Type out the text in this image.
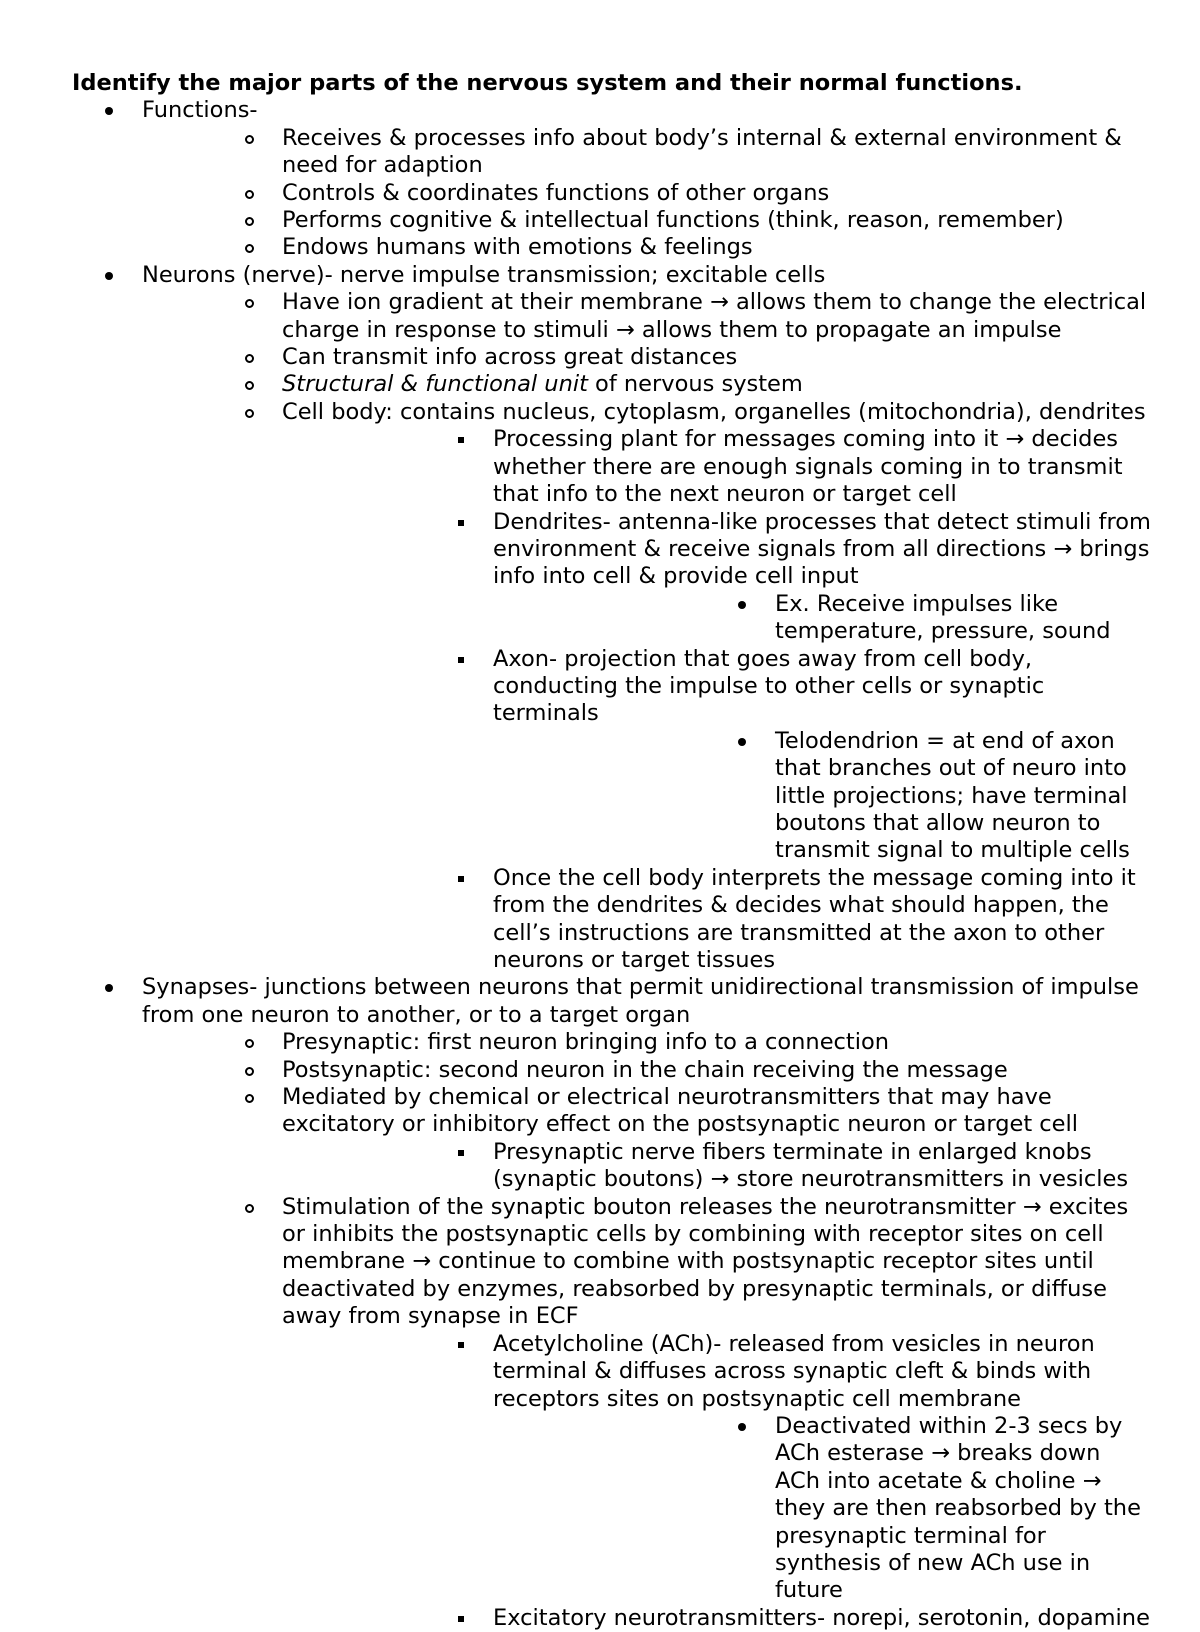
Identify the major parts of the nervous system and their normal functions.

Functions-
Receives & processes info about body’s internal & external environment & need for adaption
Controls & coordinates functions of other organs
Performs cognitive & intellectual functions (think, reason, remember)
Endows humans with emotions & feelings
Neurons (nerve)- nerve impulse transmission; excitable cells
Have ion gradient at their membrane → allows them to change the electrical charge in response to stimuli → allows them to propagate an impulse
Can transmit info across great distances
Structural & functional unit of nervous system
Cell body: contains nucleus, cytoplasm, organelles (mitochondria), dendrites
Processing plant for messages coming into it → decides whether there are enough signals coming in to transmit that info to the next neuron or target cell
Dendrites- antenna-like processes that detect stimuli from environment & receive signals from all directions → brings info into cell & provide cell input
Ex. Receive impulses like temperature, pressure, sound
Axon- projection that goes away from cell body, conducting the impulse to other cells or synaptic terminals
Telodendrion = at end of axon that branches out of neuro into little projections; have terminal boutons that allow neuron to transmit signal to multiple cells
Once the cell body interprets the message coming into it from the dendrites & decides what should happen, the cell’s instructions are transmitted at the axon to other neurons or target tissues
Synapses- junctions between neurons that permit unidirectional transmission of impulse from one neuron to another, or to a target organ
Presynaptic: first neuron bringing info to a connection
Postsynaptic: second neuron in the chain receiving the message
Mediated by chemical or electrical neurotransmitters that may have excitatory or inhibitory effect on the postsynaptic neuron or target cell
Presynaptic nerve fibers terminate in enlarged knobs (synaptic boutons) → store neurotransmitters in vesicles
Stimulation of the synaptic bouton releases the neurotransmitter → excites or inhibits the postsynaptic cells by combining with receptor sites on cell membrane → continue to combine with postsynaptic receptor sites until deactivated by enzymes, reabsorbed by presynaptic terminals, or diffuse away from synapse in ECF
Acetylcholine (ACh)- released from vesicles in neuron terminal & diffuses across synaptic cleft & binds with receptors sites on postsynaptic cell membrane
Deactivated within 2-3 secs by ACh esterase → breaks down ACh into acetate & choline → they are then reabsorbed by the presynaptic terminal for synthesis of new ACh use in future
Excitatory neurotransmitters- norepi, serotonin, dopamine
